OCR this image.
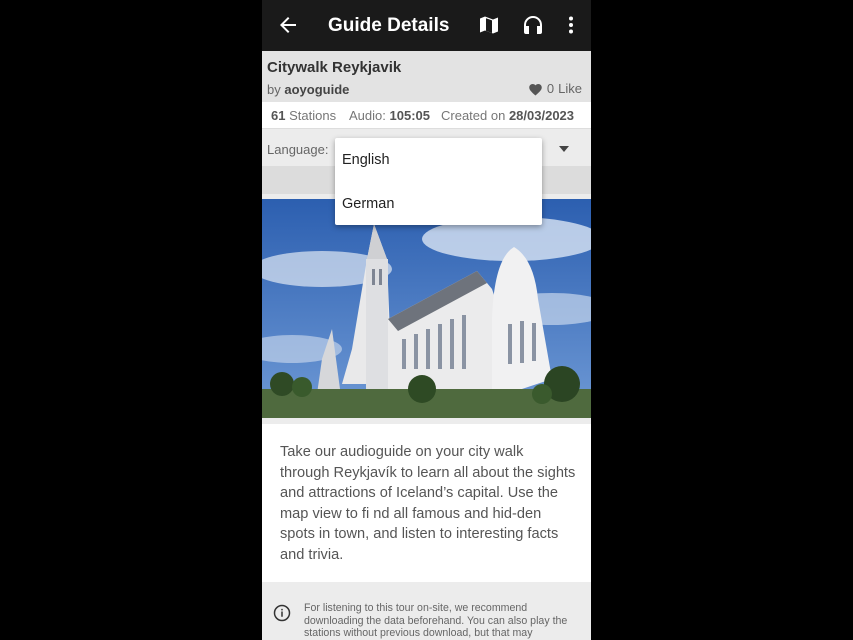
Guide Details
Citywalk Reykjavik
by aoyoguide	0 Like
61 Stations Audio: 105:05 Created on 28/03/2023
Language:

Take our audioguide on your city walk through Reykjavík to learn all about the sights and attractions of Iceland’s capital. Use the map view to fi nd all famous and hid-den spots in town, and listen to interesting facts and trivia.

For listening to this tour on-site, we recommend downloading the data beforehand. You can also play the stations without previous download, but that may

English
German
